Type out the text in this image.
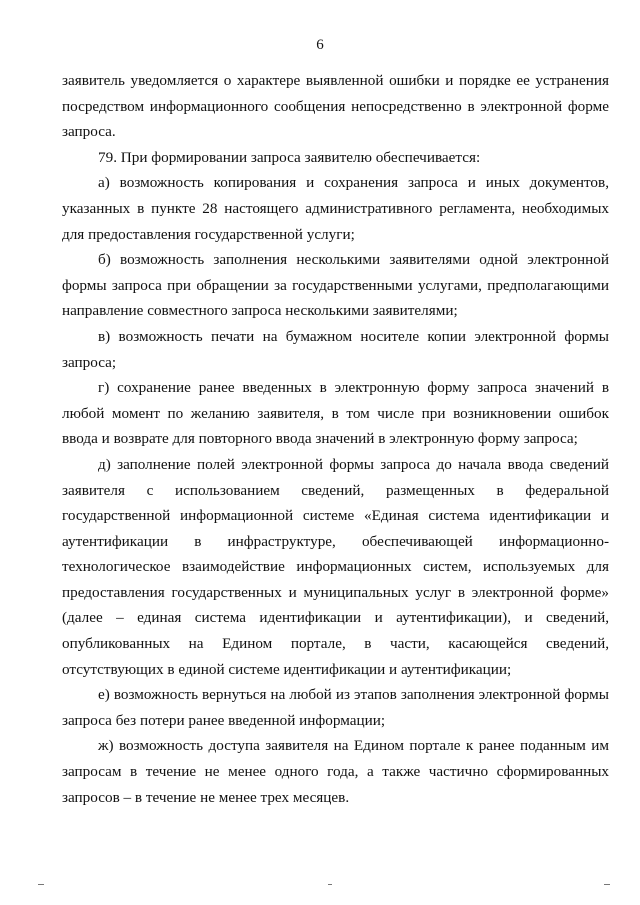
6

заявитель уведомляется о характере выявленной ошибки и порядке ее устранения посредством информационного сообщения непосредственно в электронной форме запроса.

79. При формировании запроса заявителю обеспечивается:

а) возможность копирования и сохранения запроса и иных документов, указанных в пункте 28 настоящего административного регламента, необходимых для предоставления государственной услуги;

б) возможность заполнения несколькими заявителями одной электронной формы запроса при обращении за государственными услугами, предполагающими направление совместного запроса несколькими заявителями;

в) возможность печати на бумажном носителе копии электронной формы запроса;

г) сохранение ранее введенных в электронную форму запроса значений в любой момент по желанию заявителя, в том числе при возникновении ошибок ввода и возврате для повторного ввода значений в электронную форму запроса;

д) заполнение полей электронной формы запроса до начала ввода сведений заявителя с использованием сведений, размещенных в федеральной государственной информационной системе «Единая система идентификации и аутентификации в инфраструктуре, обеспечивающей информационно-технологическое взаимодействие информационных систем, используемых для предоставления государственных и муниципальных услуг в электронной форме» (далее – единая система идентификации и аутентификации), и сведений, опубликованных на Едином портале, в части, касающейся сведений, отсутствующих в единой системе идентификации и аутентификации;

е) возможность вернуться на любой из этапов заполнения электронной формы запроса без потери ранее введенной информации;

ж) возможность доступа заявителя на Едином портале к ранее поданным им запросам в течение не менее одного года, а также частично сформированных запросов – в течение не менее трех месяцев.
